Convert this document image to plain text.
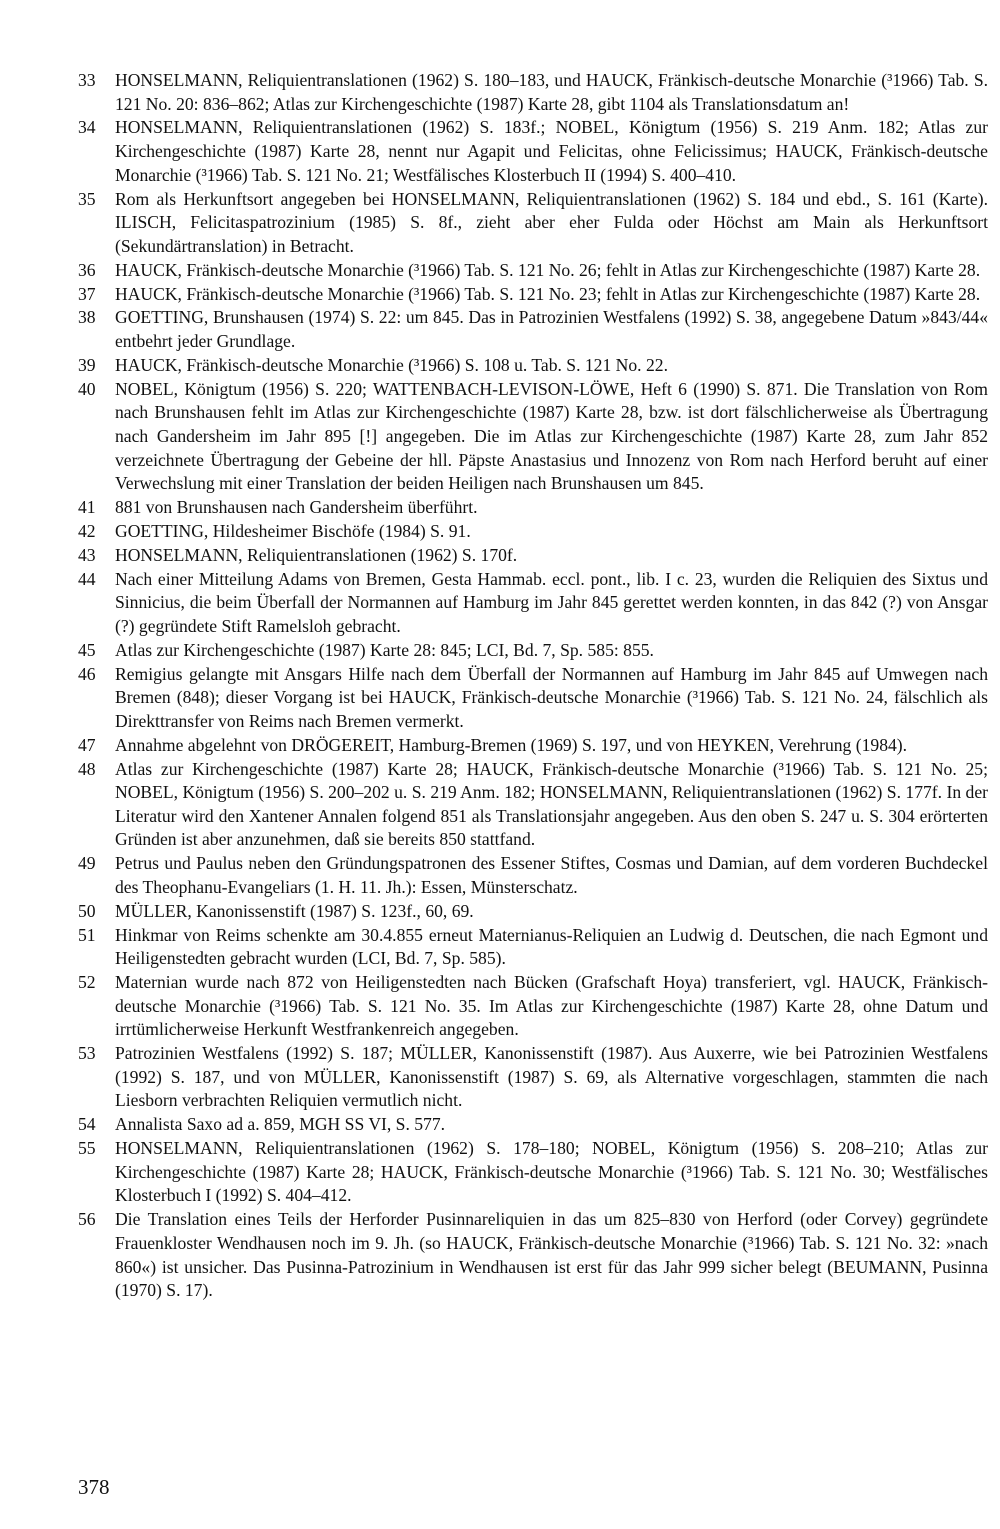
33	HONSELMANN, Reliquientranslationen (1962) S. 180–183, und HAUCK, Fränkisch-deutsche Monarchie (³1966) Tab. S. 121 No. 20: 836–862; Atlas zur Kirchengeschichte (1987) Karte 28, gibt 1104 als Translationsdatum an!
34	HONSELMANN, Reliquientranslationen (1962) S. 183f.; NOBEL, Königtum (1956) S. 219 Anm. 182; Atlas zur Kirchengeschichte (1987) Karte 28, nennt nur Agapit und Felicitas, ohne Felicissimus; HAUCK, Fränkisch-deutsche Monarchie (³1966) Tab. S. 121 No. 21; Westfälisches Klosterbuch II (1994) S. 400–410.
35	Rom als Herkunftsort angegeben bei HONSELMANN, Reliquientranslationen (1962) S. 184 und ebd., S. 161 (Karte). ILISCH, Felicitaspatrozinium (1985) S. 8f., zieht aber eher Fulda oder Höchst am Main als Herkunftsort (Sekundärtranslation) in Betracht.
36	HAUCK, Fränkisch-deutsche Monarchie (³1966) Tab. S. 121 No. 26; fehlt in Atlas zur Kirchengeschichte (1987) Karte 28.
37	HAUCK, Fränkisch-deutsche Monarchie (³1966) Tab. S. 121 No. 23; fehlt in Atlas zur Kirchengeschichte (1987) Karte 28.
38	GOETTING, Brunshausen (1974) S. 22: um 845. Das in Patrozinien Westfalens (1992) S. 38, angegebene Datum »843/44« entbehrt jeder Grundlage.
39	HAUCK, Fränkisch-deutsche Monarchie (³1966) S. 108 u. Tab. S. 121 No. 22.
40	NOBEL, Königtum (1956) S. 220; WATTENBACH-LEVISON-LÖWE, Heft 6 (1990) S. 871. Die Translation von Rom nach Brunshausen fehlt im Atlas zur Kirchengeschichte (1987) Karte 28, bzw. ist dort fälschlicherweise als Übertragung nach Gandersheim im Jahr 895 [!] angegeben. Die im Atlas zur Kirchengeschichte (1987) Karte 28, zum Jahr 852 verzeichnete Übertragung der Gebeine der hll. Päpste Anastasius und Innozenz von Rom nach Herford beruht auf einer Verwechslung mit einer Translation der beiden Heiligen nach Brunshausen um 845.
41	881 von Brunshausen nach Gandersheim überführt.
42	GOETTING, Hildesheimer Bischöfe (1984) S. 91.
43	HONSELMANN, Reliquientranslationen (1962) S. 170f.
44	Nach einer Mitteilung Adams von Bremen, Gesta Hammab. eccl. pont., lib. I c. 23, wurden die Reliquien des Sixtus und Sinnicius, die beim Überfall der Normannen auf Hamburg im Jahr 845 gerettet werden konnten, in das 842 (?) von Ansgar (?) gegründete Stift Ramelsloh gebracht.
45	Atlas zur Kirchengeschichte (1987) Karte 28: 845; LCI, Bd. 7, Sp. 585: 855.
46	Remigius gelangte mit Ansgars Hilfe nach dem Überfall der Normannen auf Hamburg im Jahr 845 auf Umwegen nach Bremen (848); dieser Vorgang ist bei HAUCK, Fränkisch-deutsche Monarchie (³1966) Tab. S. 121 No. 24, fälschlich als Direkttransfer von Reims nach Bremen vermerkt.
47	Annahme abgelehnt von DRÖGEREIT, Hamburg-Bremen (1969) S. 197, und von HEYKEN, Verehrung (1984).
48	Atlas zur Kirchengeschichte (1987) Karte 28; HAUCK, Fränkisch-deutsche Monarchie (³1966) Tab. S. 121 No. 25; NOBEL, Königtum (1956) S. 200–202 u. S. 219 Anm. 182; HONSELMANN, Reliquientranslationen (1962) S. 177f. In der Literatur wird den Xantener Annalen folgend 851 als Translationsjahr angegeben. Aus den oben S. 247 u. S. 304 erörterten Gründen ist aber anzunehmen, daß sie bereits 850 stattfand.
49	Petrus und Paulus neben den Gründungspatronen des Essener Stiftes, Cosmas und Damian, auf dem vorderen Buchdeckel des Theophanu-Evangeliars (1. H. 11. Jh.): Essen, Münsterschatz.
50	MÜLLER, Kanonissenstift (1987) S. 123f., 60, 69.
51	Hinkmar von Reims schenkte am 30.4.855 erneut Maternianus-Reliquien an Ludwig d. Deutschen, die nach Egmont und Heiligenstedten gebracht wurden (LCI, Bd. 7, Sp. 585).
52	Maternian wurde nach 872 von Heiligenstedten nach Bücken (Grafschaft Hoya) transferiert, vgl. HAUCK, Fränkisch-deutsche Monarchie (³1966) Tab. S. 121 No. 35. Im Atlas zur Kirchengeschichte (1987) Karte 28, ohne Datum und irrtümlicherweise Herkunft Westfrankenreich angegeben.
53	Patrozinien Westfalens (1992) S. 187; MÜLLER, Kanonissenstift (1987). Aus Auxerre, wie bei Patrozinien Westfalens (1992) S. 187, und von MÜLLER, Kanonissenstift (1987) S. 69, als Alternative vorgeschlagen, stammten die nach Liesborn verbrachten Reliquien vermutlich nicht.
54	Annalista Saxo ad a. 859, MGH SS VI, S. 577.
55	HONSELMANN, Reliquientranslationen (1962) S. 178–180; NOBEL, Königtum (1956) S. 208–210; Atlas zur Kirchengeschichte (1987) Karte 28; HAUCK, Fränkisch-deutsche Monarchie (³1966) Tab. S. 121 No. 30; Westfälisches Klosterbuch I (1992) S. 404–412.
56	Die Translation eines Teils der Herforder Pusinnareliquien in das um 825–830 von Herford (oder Corvey) gegründete Frauenkloster Wendhausen noch im 9. Jh. (so HAUCK, Fränkisch-deutsche Monarchie (³1966) Tab. S. 121 No. 32: »nach 860«) ist unsicher. Das Pusinna-Patrozinium in Wendhausen ist erst für das Jahr 999 sicher belegt (BEUMANN, Pusinna (1970) S. 17).
378
